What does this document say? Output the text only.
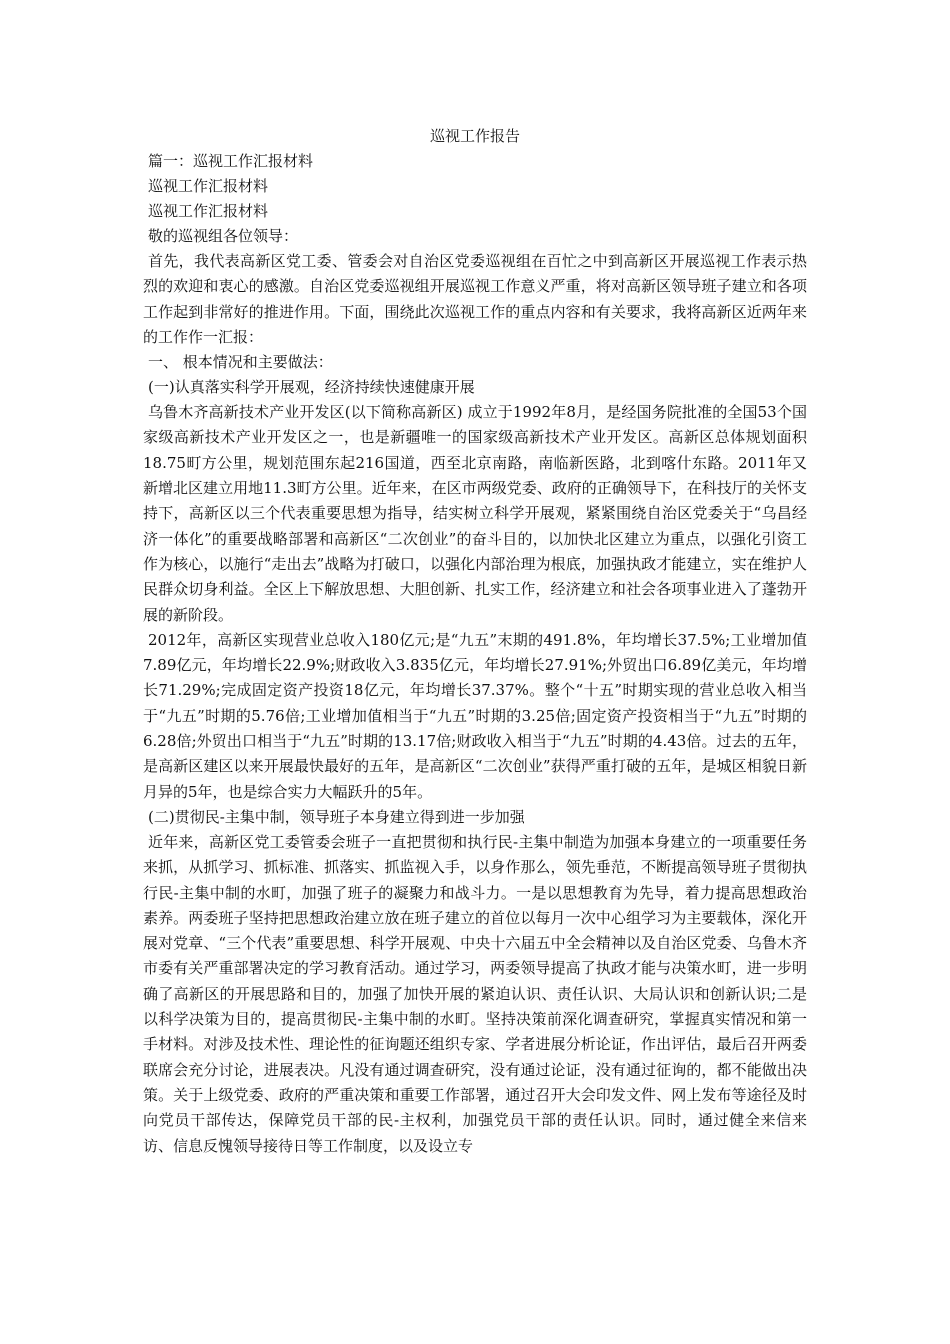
巡视工作报告

篇一：巡视工作汇报材料

巡视工作汇报材料

巡视工作汇报材料

敬的巡视组各位领导：

首先，我代表高新区党工委、管委会对自治区党委巡视组在百忙之中到高新区开展巡视工作表示热烈的欢迎和衷心的感激。自治区党委巡视组开展巡视工作意义严重，将对高新区领导班子建立和各项工作起到非常好的推进作用。下面，围绕此次巡视工作的重点内容和有关要求，我将高新区近两年来的工作作一汇报：

一、 根本情况和主要做法：

(一)认真落实科学开展观，经济持续快速健康开展

乌鲁木齐高新技术产业开发区(以下简称高新区) 成立于1992年8月，是经国务院批准的全国53个国家级高新技术产业开发区之一，也是新疆唯一的国家级高新技术产业开发区。高新区总体规划面积18.75町方公里，规划范围东起216国道，西至北京南路，南临新医路，北到喀什东路。2011年又新增北区建立用地11.3町方公里。近年来，在区市两级党委、政府的正确领导下，在科技厅的关怀支持下，高新区以三个代表重要思想为指导，结实树立科学开展观，紧紧围绕自治区党委关于“乌昌经济一体化”的重要战略部署和高新区“二次创业”的奋斗目的，以加快北区建立为重点，以强化引资工作为核心，以施行“走出去”战略为打破口，以强化内部治理为根底，加强执政才能建立，实在维护人民群众切身利益。全区上下解放思想、大胆创新、扎实工作，经济建立和社会各项事业进入了蓬勃开展的新阶段。

2012年，高新区实现营业总收入180亿元;是“九五”末期的491.8%，年均增长37.5%;工业增加值7.89亿元，年均增长22.9%;财政收入3.835亿元，年均增长27.91%;外贸出口6.89亿美元，年均增长71.29%;完成固定资产投资18亿元，年均增长37.37%。整个“十五”时期实现的营业总收入相当于“九五”时期的5.76倍;工业增加值相当于“九五”时期的3.25倍;固定资产投资相当于“九五”时期的6.28倍;外贸出口相当于“九五”时期的13.17倍;财政收入相当于“九五”时期的4.43倍。过去的五年，是高新区建区以来开展最快最好的五年，是高新区“二次创业”获得严重打破的五年，是城区相貌日新月异的5年，也是综合实力大幅跃升的5年。

(二)贯彻民-主集中制，领导班子本身建立得到进一步加强

近年来，高新区党工委管委会班子一直把贯彻和执行民-主集中制造为加强本身建立的一项重要任务来抓，从抓学习、抓标准、抓落实、抓监视入手，以身作那么，领先垂范，不断提高领导班子贯彻执行民-主集中制的水町，加强了班子的凝聚力和战斗力。一是以思想教育为先导，着力提高思想政治素养。两委班子坚持把思想政治建立放在班子建立的首位以每月一次中心组学习为主要载体，深化开展对党章、“三个代表”重要思想、科学开展观、中央十六届五中全会精神以及自治区党委、乌鲁木齐市委有关严重部署决定的学习教育活动。通过学习，两委领导提高了执政才能与决策水町，进一步明确了高新区的开展思路和目的，加强了加快开展的紧迫认识、责任认识、大局认识和创新认识;二是以科学决策为目的，提高贯彻民-主集中制的水町。坚持决策前深化调查研究，掌握真实情况和第一手材料。对涉及技术性、理论性的征询题还组织专家、学者进展分析论证，作出评估，最后召开两委联席会充分讨论，进展表决。凡没有通过调查研究，没有通过论证，没有通过征询的，都不能做出决策。关于上级党委、政府的严重决策和重要工作部署，通过召开大会印发文件、网上发布等途径及时向党员干部传达，保障党员干部的民-主权利，加强党员干部的责任认识。同时，通过健全来信来访、信息反愧领导接待日等工作制度，以及设立专
